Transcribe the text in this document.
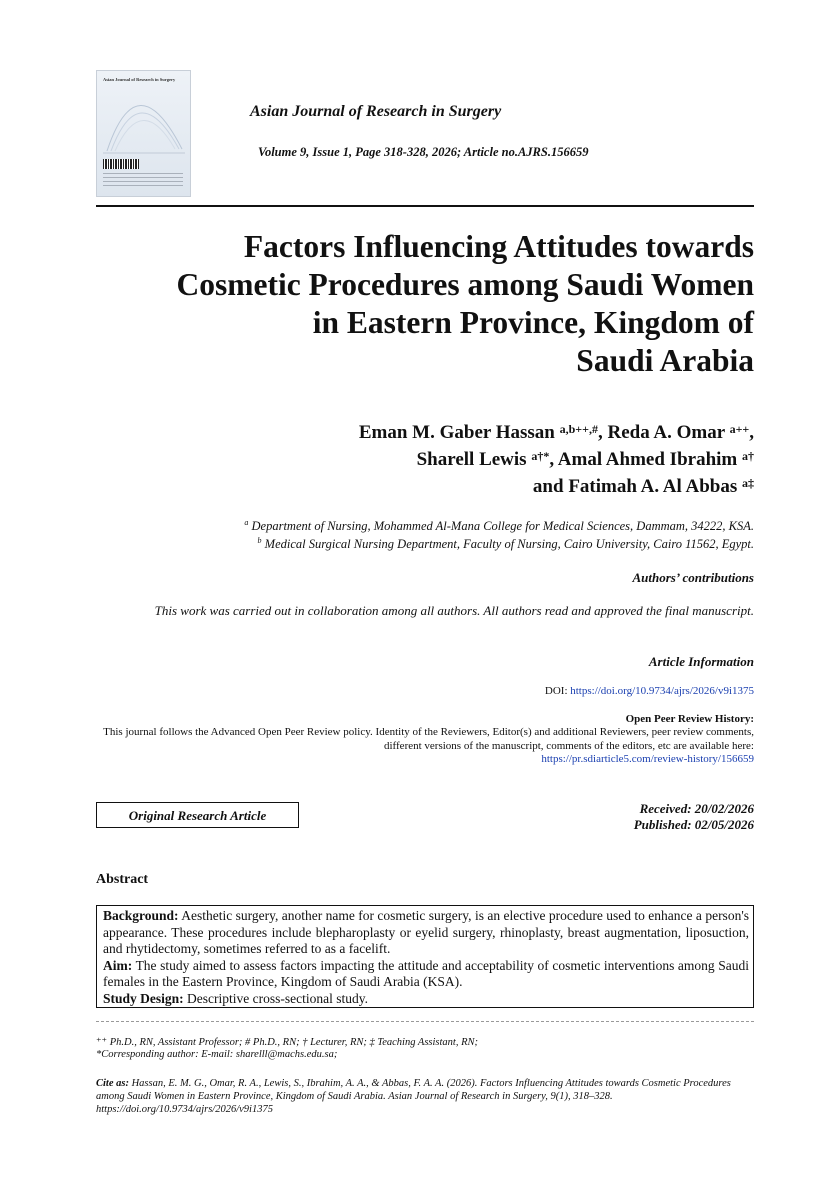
Asian Journal of Research in Surgery
Asian Journal of Research in Surgery
Volume 9, Issue 1, Page 318-328, 2026; Article no.AJRS.156659
Factors Influencing Attitudes towards
Cosmetic Procedures among Saudi Women
in Eastern Province, Kingdom of
Saudi Arabia
Eman M. Gaber Hassan $^{a,b++,\#}$, Reda A. Omar $^{a++}$,
Sharell Lewis $^{a\dagger*}$, Amal Ahmed Ibrahim $^{a\dagger}$
and Fatimah A. Al Abbas $^{a\ddagger}$
$^a$ Department of Nursing, Mohammed Al-Mana College for Medical Sciences, Dammam, 34222, KSA.
$^b$ Medical Surgical Nursing Department, Faculty of Nursing, Cairo University, Cairo 11562, Egypt.
Authors’ contributions
This work was carried out in collaboration among all authors. All authors read and approved the final manuscript.
Article Information
DOI: https://doi.org/10.9734/ajrs/2026/v9i1375
Open Peer Review History:
This journal follows the Advanced Open Peer Review policy. Identity of the Reviewers, Editor(s) and additional Reviewers, peer review comments, different versions of the manuscript, comments of the editors, etc are available here:
https://pr.sdiarticle5.com/review-history/156659
Original Research Article	Received: 20/02/2026
Published: 02/05/2026
Abstract

Background: Aesthetic surgery, another name for cosmetic surgery, is an elective procedure used to enhance a person's appearance. These procedures include blepharoplasty or eyelid surgery, rhinoplasty, breast augmentation, liposuction, and rhytidectomy, sometimes referred to as a facelift.

Aim: The study aimed to assess factors impacting the attitude and acceptability of cosmetic interventions among Saudi females in the Eastern Province, Kingdom of Saudi Arabia (KSA).

Study Design: Descriptive cross-sectional study.

⁺⁺ Ph.D., RN, Assistant Professor; # Ph.D., RN; † Lecturer, RN; ‡ Teaching Assistant, RN;
*Corresponding author: E-mail: sharelll@machs.edu.sa;
Cite as: Hassan, E. M. G., Omar, R. A., Lewis, S., Ibrahim, A. A., & Abbas, F. A. A. (2026). Factors Influencing Attitudes towards Cosmetic Procedures among Saudi Women in Eastern Province, Kingdom of Saudi Arabia. Asian Journal of Research in Surgery, 9(1), 318–328. https://doi.org/10.9734/ajrs/2026/v9i1375
